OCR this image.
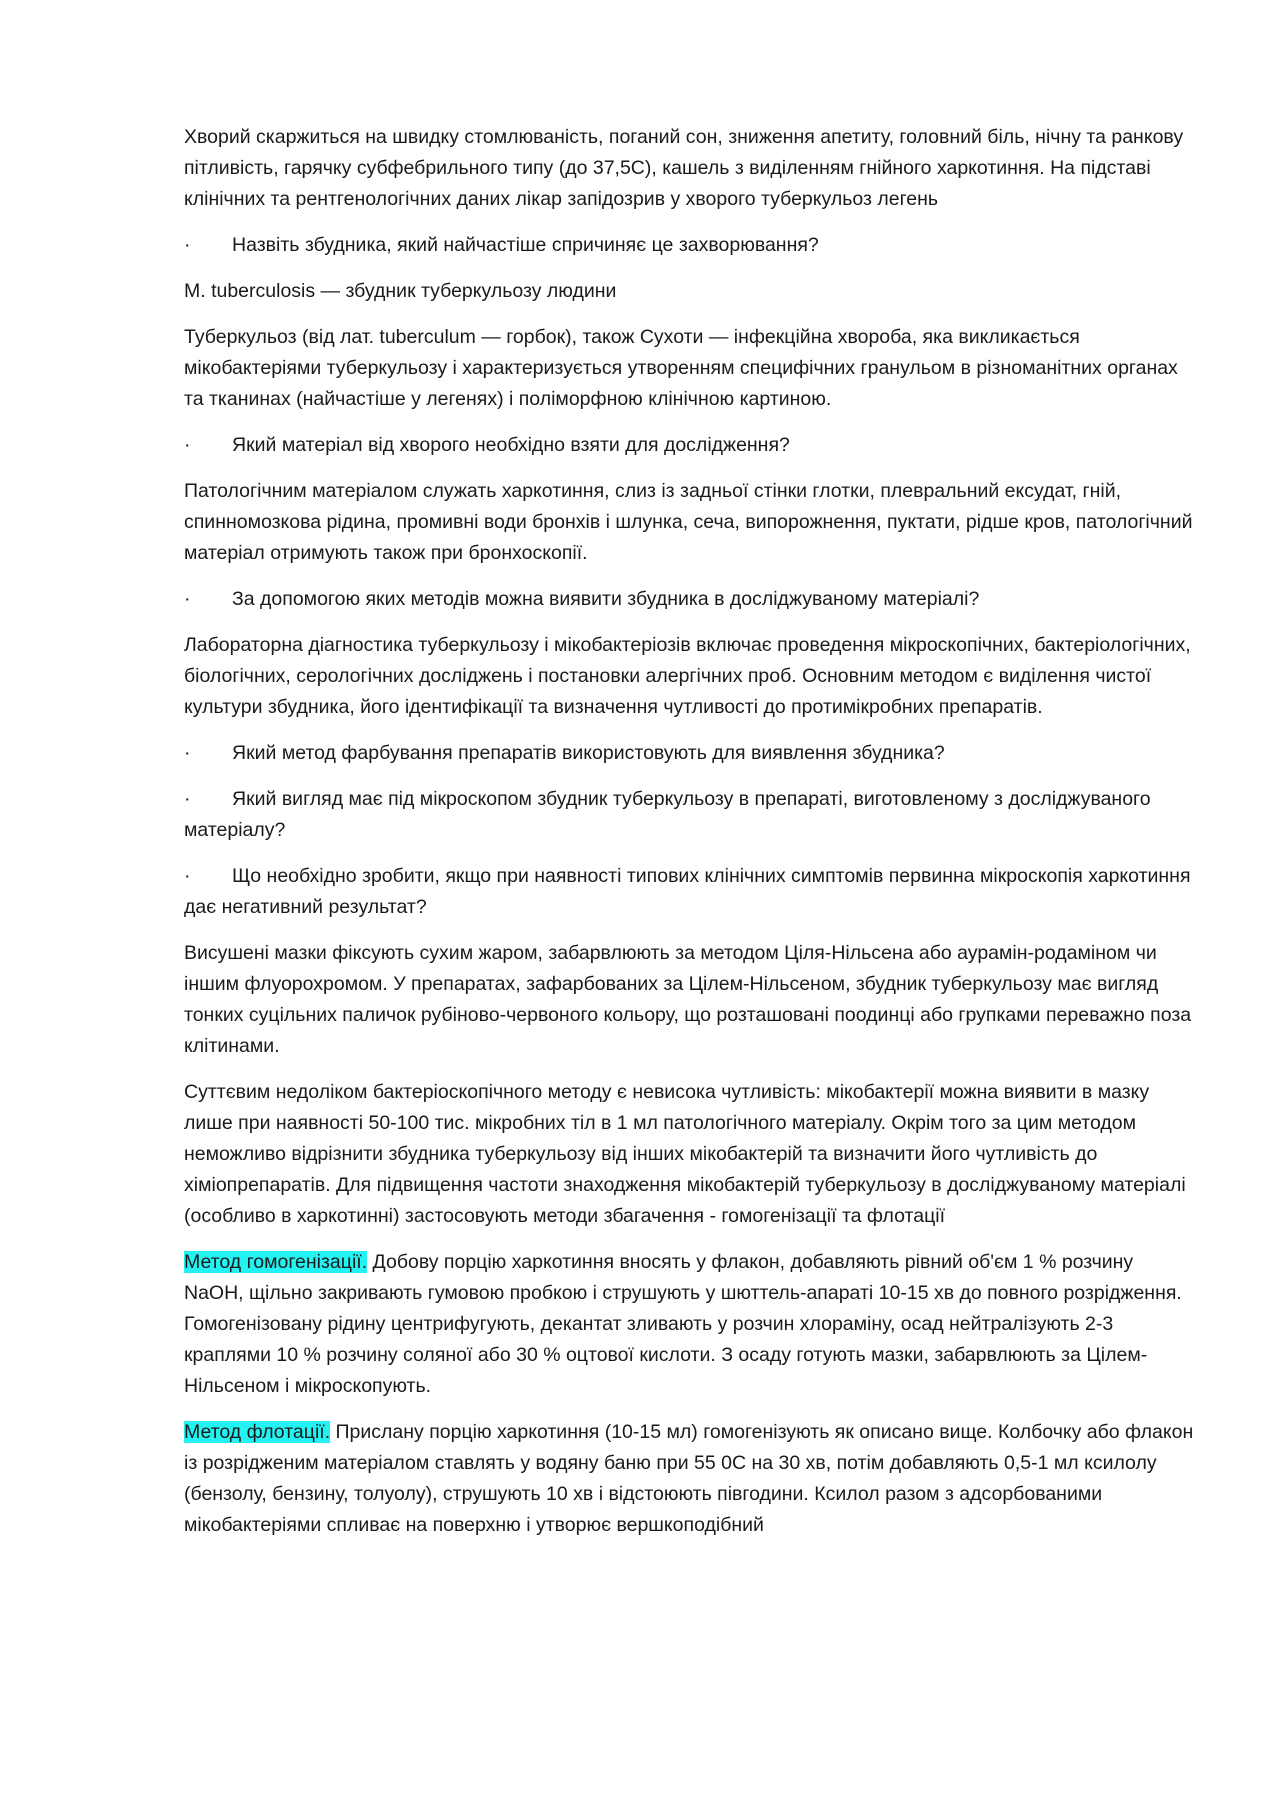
Хворий скаржиться на швидку стомлюваність, поганий сон, зниження апетиту, головний біль, нічну та ранкову пітливість, гарячку субфебрильного типу (до 37,5С), кашель з виділенням гнійного харкотиння. На підставі клінічних та рентгенологічних даних лікар запідозрив у хворого туберкульоз легень

· Назвіть збудника, який найчастіше спричиняє це захворювання?

M. tuberculosis — збудник туберкульозу людини

Туберкульоз (від лат. tuberculum — горбок), також Сухоти — інфекційна хвороба, яка викликається мікобактеріями туберкульозу і характеризується утворенням специфічних гранульом в різноманітних органах та тканинах (найчастіше у легенях) і поліморфною клінічною картиною.

· Який матеріал від хворого необхідно взяти для дослідження?

Патологічним матеріалом служать харкотиння, слиз із задньої стінки глотки, плевральний ексудат, гній, спинномозкова рідина, промивні води бронхів і шлунка, сеча, випорожнення, пуктати, рідше кров, патологічний матеріал отримують також при бронхоскопії.

· За допомогою яких методів можна виявити збудника в досліджуваному матеріалі?

Лабораторна діагностика туберкульозу і мікобактеріозів включає проведення мікроскопічних, бактеріологічних, біологічних, серологічних досліджень і постановки алергічних проб. Основним методом є виділення чистої культури збудника, його ідентифікації та визначення чутливості до протимікробних препаратів.

· Який метод фарбування препаратів використовують для виявлення збудника?

· Який вигляд має під мікроскопом збудник туберкульозу в препараті, виготовленому з досліджуваного матеріалу?

· Що необхідно зробити, якщо при наявності типових клінічних симптомів первинна мікроскопія харкотиння дає негативний результат?

Висушені мазки фіксують сухим жаром, забарвлюють за методом Ціля-Нільсена або аурамін-родаміном чи іншим флуорохромом. У препаратах, зафарбованих за Цілем-Нільсеном, збудник туберкульозу має вигляд тонких суцільних паличок рубіново-червоного кольору, що розташовані поодинці або групками переважно поза клітинами.

Суттєвим недоліком бактеріоскопічного методу є невисока чутливість: мікобактерії можна виявити в мазку лише при наявності 50-100 тис. мікробних тіл в 1 мл патологічного матеріалу. Окрім того за цим методом неможливо відрізнити збудника туберкульозу від інших мікобактерій та визначити його чутливість до хіміопрепаратів. Для підвищення частоти знаходження мікобактерій туберкульозу в досліджуваному матеріалі (особливо в харкотинні) застосовують методи збагачення - гомогенізації та флотації

Метод гомогенізації. Добову порцію харкотиння вносять у флакон, добавляють рівний об'єм 1 % розчину NaOH, щільно закривають гумовою пробкою і струшують у шюттель-апараті 10-15 хв до повного розрідження. Гомогенізовану рідину центрифугують, декантат зливають у розчин хлораміну, осад нейтралізують 2-3 краплями 10 % розчину соляної або 30 % оцтової кислоти. З осаду готують мазки, забарвлюють за Цілем-Нільсеном і мікроскопують.

Метод флотації. Прислану порцію харкотиння (10-15 мл) гомогенізують як описано вище. Колбочку або флакон із розрідженим матеріалом ставлять у водяну баню при 55 0С на 30 хв, потім добавляють 0,5-1 мл ксилолу (бензолу, бензину, толуолу), струшують 10 хв і відстоюють півгодини. Ксилол разом з адсорбованими мікобактеріями спливає на поверхню і утворює вершкоподібний
